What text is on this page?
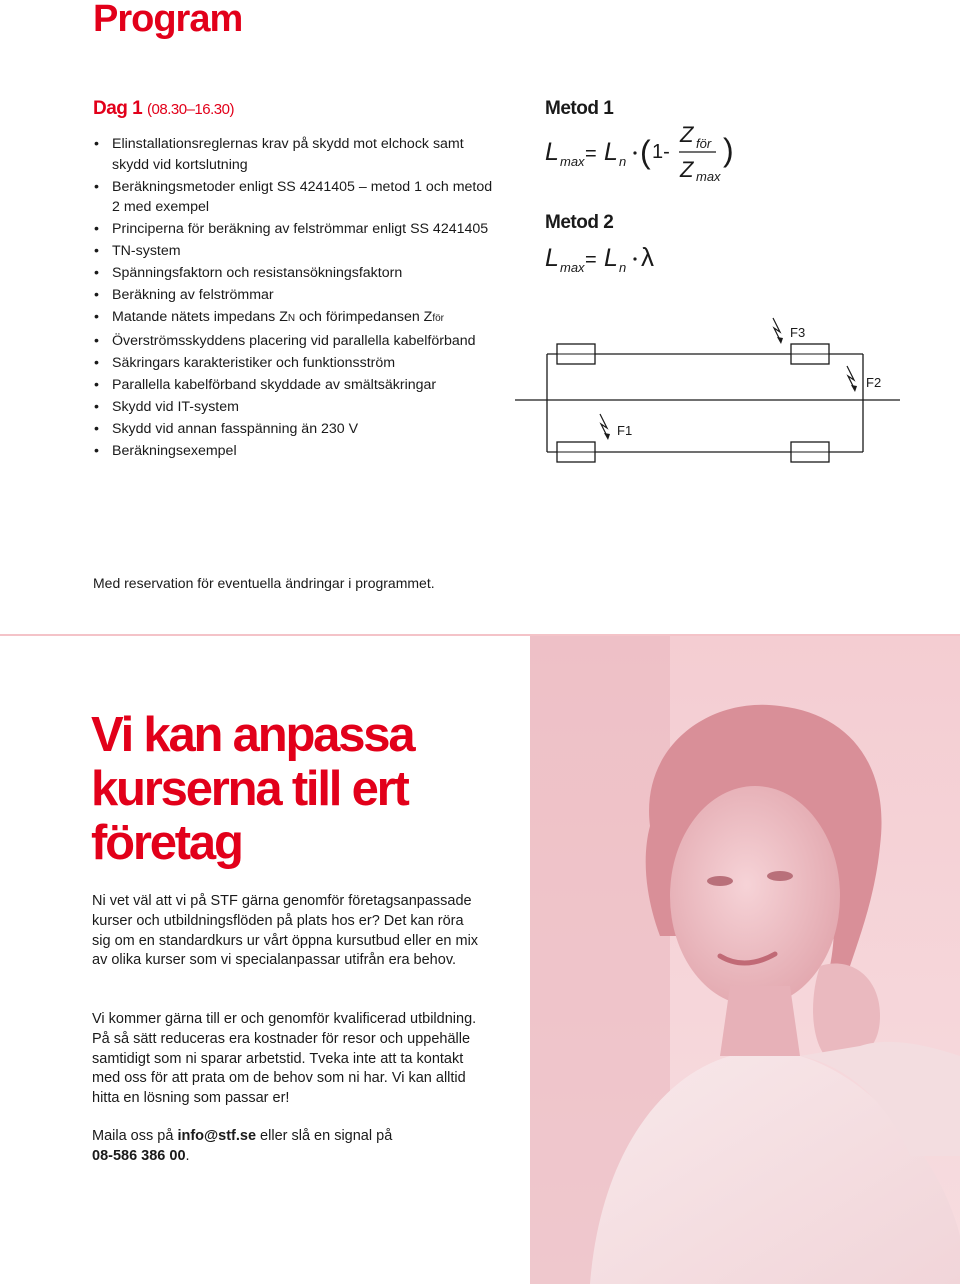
Program
Dag 1 (08.30–16.30)
• Elinstallationsreglernas krav på skydd mot elchock samt skydd vid kortslutning
• Beräkningsmetoder enligt SS 4241405 – metod 1 och metod 2 med exempel
• Principerna för beräkning av felströmmar enligt SS 4241405
• TN-system
• Spänningsfaktorn och resistansökningsfaktorn
• Beräkning av felströmmar
• Matande nätets impedans ZN och förimpedansen Zför
• Överströmsskyddens placering vid parallella kabelförband
• Säkringars karakteristiker och funktionsström
• Parallella kabelförband skyddade av smältsäkringar
• Skydd vid IT-system
• Skydd vid annan fasspänning än 230 V
• Beräkningsexempel
Metod 1
L max = L n ( 1-
Z för
Z max
)
Metod 2
L max = L n λ
F3
F2
F1

Med reservation för eventuella ändringar i programmet.

Vi kan anpassa
kurserna till ert
företag

Ni vet väl att vi på STF gärna genomför företagsanpassade kurser och utbildningsflöden på plats hos er? Det kan röra sig om en standardkurs ur vårt öppna kursutbud eller en mix av olika kurser som vi specialanpassar utifrån era behov.

Vi kommer gärna till er och genomför kvalificerad utbildning. På så sätt reduceras era kostnader för resor och uppehälle samtidigt som ni sparar arbetstid. Tveka inte att ta kontakt med oss för att prata om de behov som ni har. Vi kan alltid hitta en lösning som passar er!

Maila oss på info@stf.se eller slå en signal på
08-586 386 00.
